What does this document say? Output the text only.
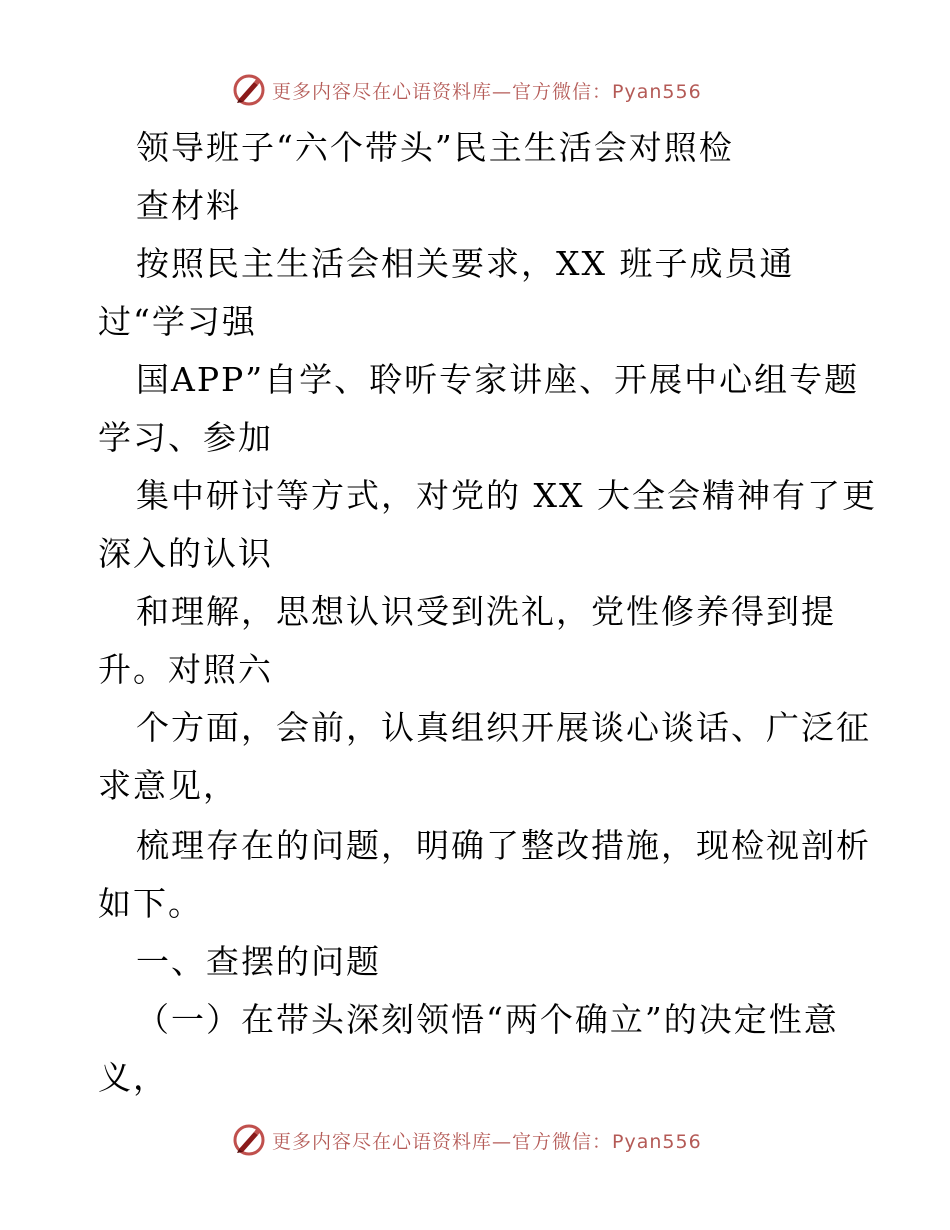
更多内容尽在心语资料库—官方微信：Pyan556
领导班子“六个带头”民主生活会对照检
查材料
按照民主生活会相关要求，XX 班子成员通
过“学习强
国APP”自学、聆听专家讲座、开展中心组专题
学习、参加
集中研讨等方式，对党的 XX 大全会精神有了更
深入的认识
和理解，思想认识受到洗礼，党性修养得到提
升。对照六
个方面，会前，认真组织开展谈心谈话、广泛征
求意见，
梳理存在的问题，明确了整改措施，现检视剖析
如下。
一、查摆的问题
（一）在带头深刻领悟“两个确立”的决定性意
义，
更多内容尽在心语资料库—官方微信：Pyan556
